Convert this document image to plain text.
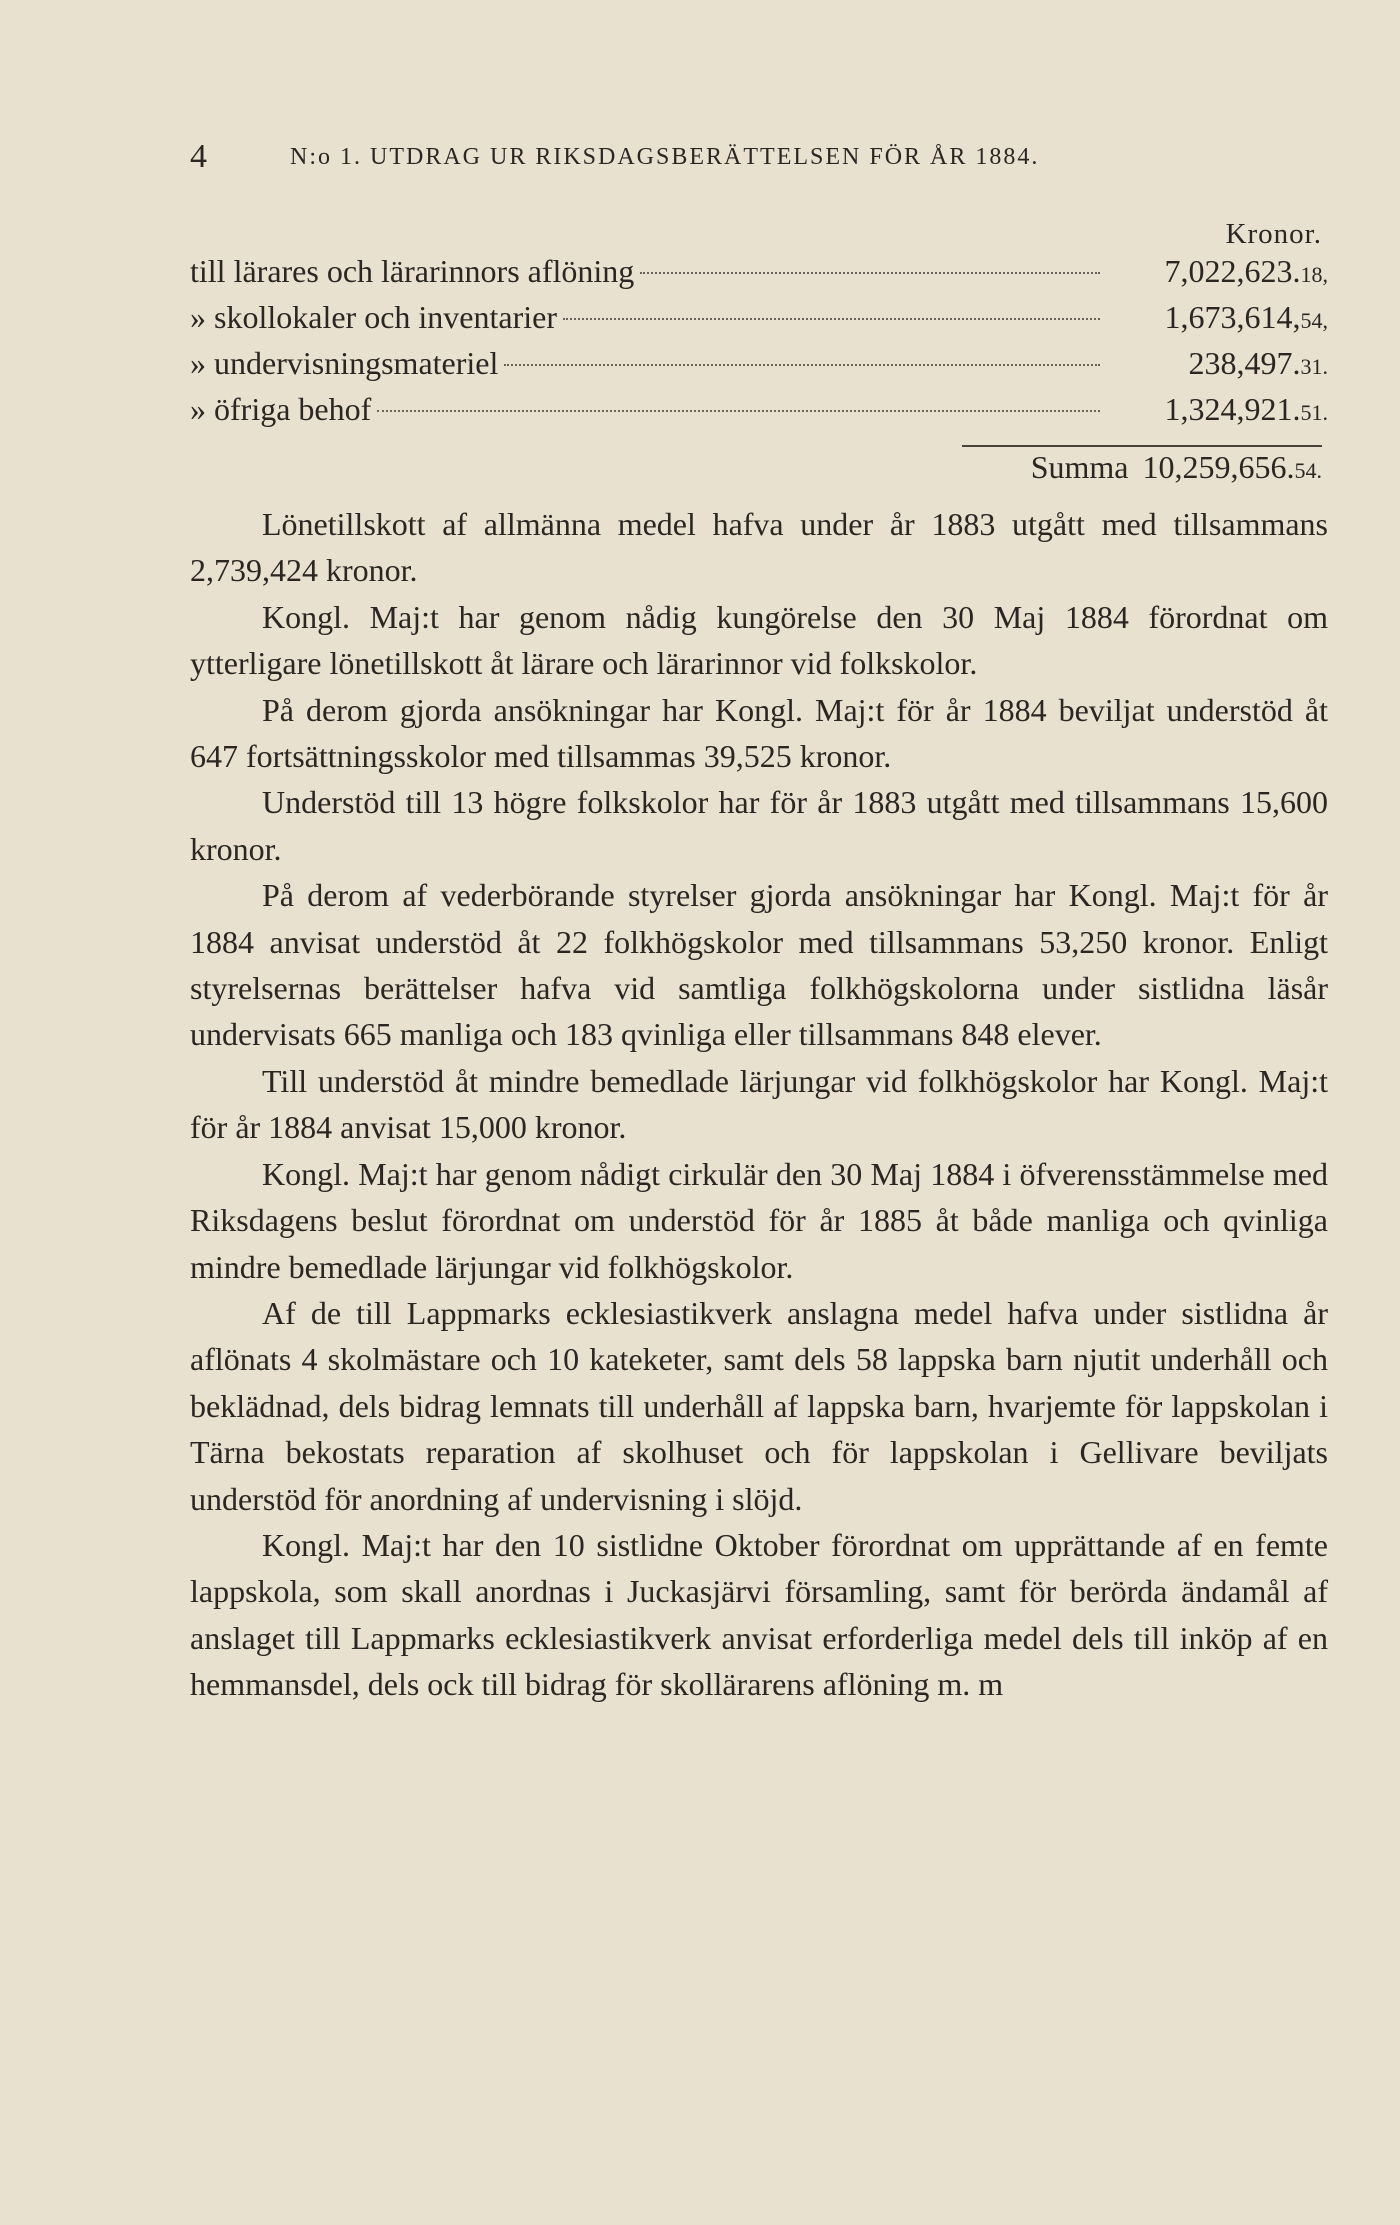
4	N:o 1. UTDRAG UR RIKSDAGSBERÄTTELSEN FÖR ÅR 1884.
Kronor.
till lärares och lärarinnors aflöning	7,022,623.18,
» skollokaler och inventarier	1,673,614,54,
» undervisningsmateriel	238,497.31.
» öfriga behof	1,324,921.51.
Summa 10,259,656.54.

Lönetillskott af allmänna medel hafva under år 1883 utgått med tillsammans 2,739,424 kronor.

Kongl. Maj:t har genom nådig kungörelse den 30 Maj 1884 förordnat om ytterligare lönetillskott åt lärare och lärarinnor vid folkskolor.

På derom gjorda ansökningar har Kongl. Maj:t för år 1884 beviljat understöd åt 647 fortsättningsskolor med tillsammas 39,525 kronor.

Understöd till 13 högre folkskolor har för år 1883 utgått med tillsammans 15,600 kronor.

På derom af vederbörande styrelser gjorda ansökningar har Kongl. Maj:t för år 1884 anvisat understöd åt 22 folkhögskolor med tillsammans 53,250 kronor. Enligt styrelsernas berättelser hafva vid samtliga folkhögskolorna under sistlidna läsår undervisats 665 manliga och 183 qvinliga eller tillsammans 848 elever.

Till understöd åt mindre bemedlade lärjungar vid folkhögskolor har Kongl. Maj:t för år 1884 anvisat 15,000 kronor.

Kongl. Maj:t har genom nådigt cirkulär den 30 Maj 1884 i öfverensstämmelse med Riksdagens beslut förordnat om understöd för år 1885 åt både manliga och qvinliga mindre bemedlade lärjungar vid folkhögskolor.

Af de till Lappmarks ecklesiastikverk anslagna medel hafva under sistlidna år aflönats 4 skolmästare och 10 kateketer, samt dels 58 lappska barn njutit underhåll och beklädnad, dels bidrag lemnats till underhåll af lappska barn, hvarjemte för lappskolan i Tärna bekostats reparation af skolhuset och för lappskolan i Gellivare beviljats understöd för anordning af undervisning i slöjd.

Kongl. Maj:t har den 10 sistlidne Oktober förordnat om upprättande af en femte lappskola, som skall anordnas i Juckasjärvi församling, samt för berörda ändamål af anslaget till Lappmarks ecklesiastikverk anvisat erforderliga medel dels till inköp af en hemmansdel, dels ock till bidrag för skollärarens aflöning m. m
